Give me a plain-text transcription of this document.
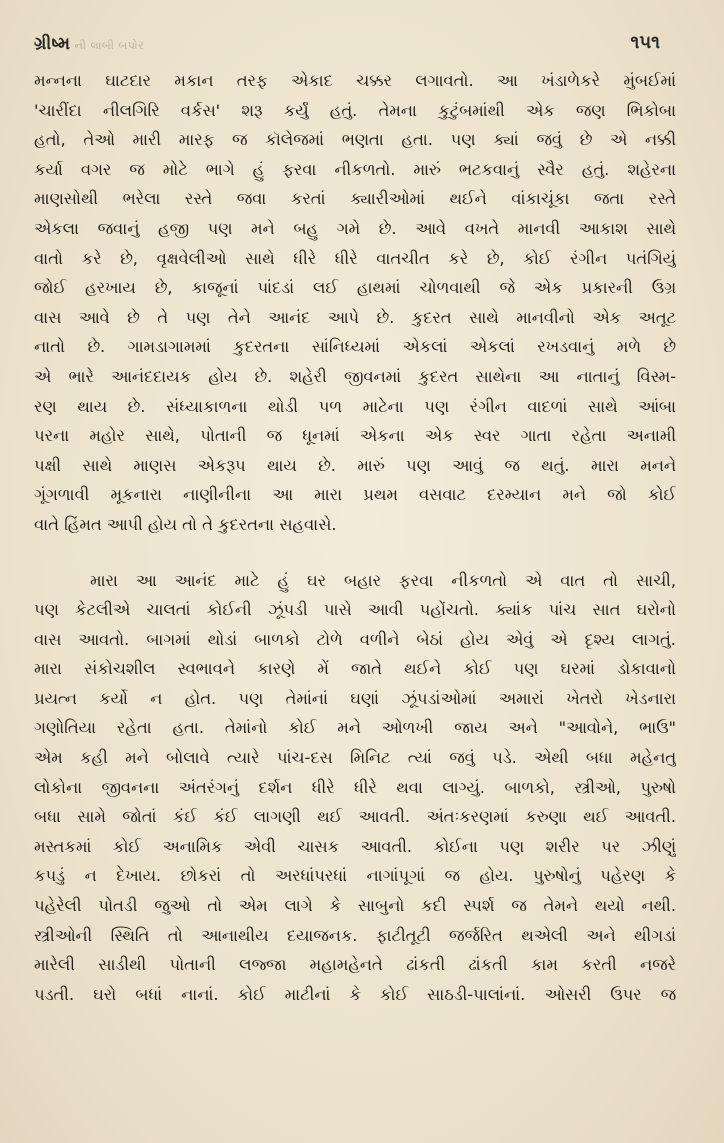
ગ્રીષ્મ ની લાંબી બપોર	૧૫૧
મન્નના ઘાટદાર મકાન તરફ એકાદ ચક્કર લગાવતો. આ ખંડાળેકરે મુંબઈમાં
'ચારીંદા નીલગિરિ વર્કસ' શરૂ કર્યું હતું. તેમના કુટુંબમાંથી એક જણ ભિકોબા
હતો, તેઓ મારી મારફ જ કૉલેજમાં ભણતા હતા. પણ ક્યાં જવું છે એ નક્કી
કર્યા વગર જ મોટે ભાગે હું ફરવા નીકળતો. મારું ભટકવાનું સ્વૈર હતું. શહેરના
માણસોથી ભરેલા રસ્તે જવા કરતાં ક્યારીઓમાં થઈને વાંકાચૂંકા જતા રસ્તે
એકલા જવાનું હજી પણ મને બહુ ગમે છે. આવે વખતે માનવી આકાશ સાથે
વાતો કરે છે, વૃક્ષવેલીઓ સાથે ધીરે ધીરે વાતચીત કરે છે, કોઈ રંગીન પતંગિયું
જોઈ હરખાય છે, કાજૂનાં પાંદડાં લઈ હાથમાં ચોળવાથી જે એક પ્રકારની ઉગ્ર
વાસ આવે છે તે પણ તેને આનંદ આપે છે. કુદરત સાથે માનવીનો એક અતૂટ
નાતો છે. ગામડાગામમાં કુદરતના સાંનિધ્યમાં એકલાં એકલાં રખડવાનું મળે છે
એ ભારે આનંદદાયક હોય છે. શહેરી જીવનમાં કુદરત સાથેના આ નાતાનું વિસ્મ-
રણ થાય છે. સંધ્યાકાળના થોડી પળ માટેના પણ રંગીન વાદળાં સાથે આંબા
પરના મહોર સાથે, પોતાની જ ધૂનમાં એકના એક સ્વર ગાતા રહેતા અનામી
પક્ષી સાથે માણસ એકરૂપ થાય છે. મારું પણ આવું જ થતું. મારા મનને
ગૂંગળાવી મૂકનારા નાણીનીના આ મારા પ્રથમ વસવાટ દરમ્યાન મને જો કોઈ
વાતે હિંમત આપી હોય તો તે કુદરતના સહવાસે.
મારા આ આનંદ માટે હું ઘર બહાર ફરવા નીકળતો એ વાત તો સાચી,
પણ કેટલીએ ચાલતાં કોઈની ઝૂંપડી પાસે આવી પહોંચતો. ક્યાંક પાંચ સાત ઘરોનો
વાસ આવતો. બાગમાં થોડાં બાળકો ટોળે વળીને બેઠાં હોય એવું એ દૃશ્ય લાગતું.
મારા સંકોચશીલ સ્વભાવને કારણે મેં જાતે થઈને કોઈ પણ ઘરમાં ડોકાવાનો
પ્રયત્ન કર્યો ન હોત. પણ તેમાંનાં ઘણાં ઝૂંપડાંઓમાં અમારાં ખેતરો ખેડનારા
ગણોતિયા રહેતા હતા. તેમાંનો કોઈ મને ઓળખી જાય અને "આવોને, ભાઉ"
એમ કહી મને બોલાવે ત્યારે પાંચ-દસ મિનિટ ત્યાં જવું પડે. એથી બધા મહેનતુ
લોકોના જીવનના અંતરંગનું દર્શન ધીરે ધીરે થવા લાગ્યું. બાળકો, સ્ત્રીઓ, પુરુષો
બધા સામે જોતાં કંઈ કંઈ લાગણી થઈ આવતી. અંતઃકરણમાં કરુણા થઈ આવતી.
મસ્તકમાં કોઈ અનામિક એવી ચાસક આવતી. કોઈના પણ શરીર પર ઝીણું
કપડું ન દેખાય. છોકરાં તો અરધાંપરધાં નાગાંપૂગાં જ હોય. પુરુષોનું પહેરણ કે
પહેરેલી પોતડી જુઓ તો એમ લાગે કે સાબુનો કદી સ્પર્શ જ તેમને થયો નથી.
સ્ત્રીઓની સ્થિતિ તો આનાથીય દયાજનક. ફાટીતૂટી જર્જરિત થએલી અને થીગડાં
મારેલી સાડીથી પોતાની લજ્જા મહામહેનતે ઢાંકતી ઢાંકતી કામ કરતી નજરે
પડતી. ઘરો બધાં નાનાં. કોઈ માટીનાં કે કોઈ સાઠડી-પાલાંનાં. ઓસરી ઉપર જ
